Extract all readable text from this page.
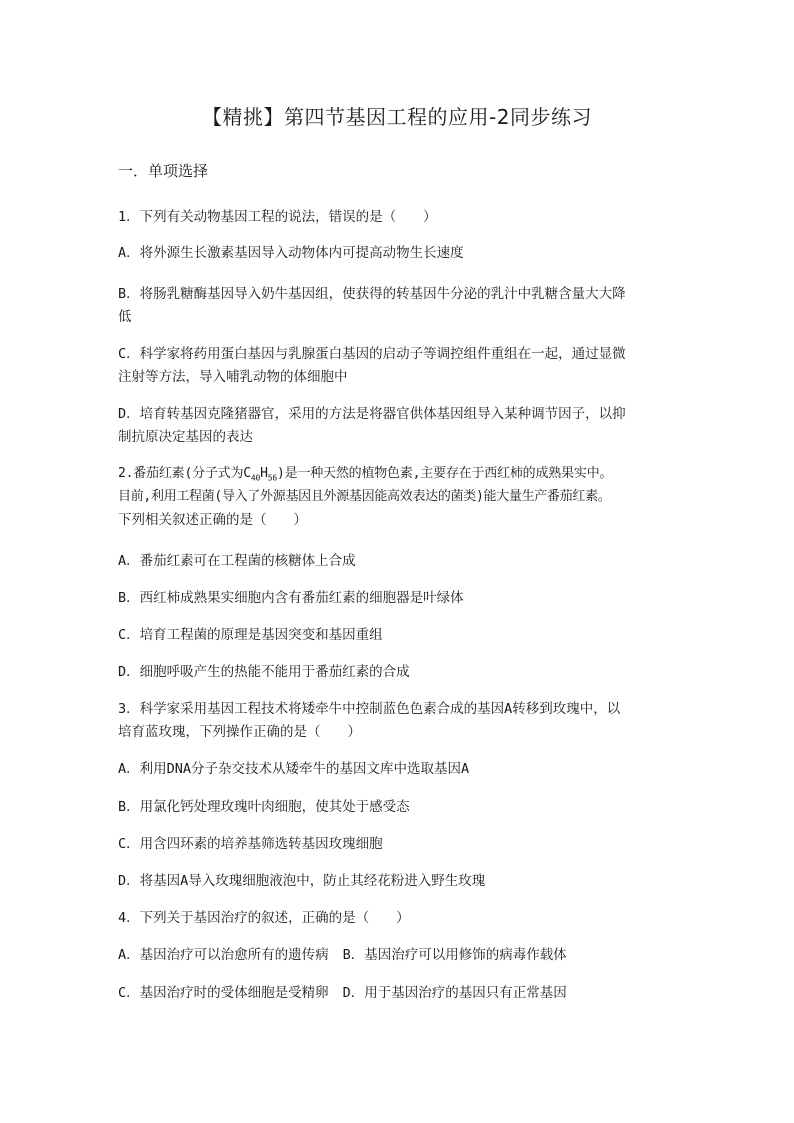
【精挑】第四节基因工程的应用-2同步练习
一．单项选择
1．下列有关动物基因工程的说法，错误的是（　　）
A．将外源生长激素基因导入动物体内可提高动物生长速度
B．将肠乳糖酶基因导入奶牛基因组，使获得的转基因牛分泌的乳汁中乳糖含量大大降
低
C．科学家将药用蛋白基因与乳腺蛋白基因的启动子等调控组件重组在一起，通过显微
注射等方法，导入哺乳动物的体细胞中
D．培育转基因克隆猪器官，采用的方法是将器官供体基因组导入某种调节因子，以抑
制抗原决定基因的表达
2.番茄红素(分子式为$C_{40}H_{56}$)是一种天然的植物色素,主要存在于西红柿的成熟果实中。
目前,利用工程菌(导入了外源基因且外源基因能高效表达的菌类)能大量生产番茄红素。
下列相关叙述正确的是（　　）
A．番茄红素可在工程菌的核糖体上合成
B．西红柿成熟果实细胞内含有番茄红素的细胞器是叶绿体
C．培育工程菌的原理是基因突变和基因重组
D．细胞呼吸产生的热能不能用于番茄红素的合成
3．科学家采用基因工程技术将矮牵牛中控制蓝色色素合成的基因A转移到玫瑰中，以
培育蓝玫瑰，下列操作正确的是（　　）
A．利用DNA分子杂交技术从矮牵牛的基因文库中选取基因A
B．用氯化钙处理玫瑰叶肉细胞，使其处于感受态
C．用含四环素的培养基筛选转基因玫瑰细胞
D．将基因A导入玫瑰细胞液泡中，防止其经花粉进入野生玫瑰
4．下列关于基因治疗的叙述，正确的是（　　）
A．基因治疗可以治愈所有的遗传病 B．基因治疗可以用修饰的病毒作载体
C．基因治疗时的受体细胞是受精卵 D．用于基因治疗的基因只有正常基因
